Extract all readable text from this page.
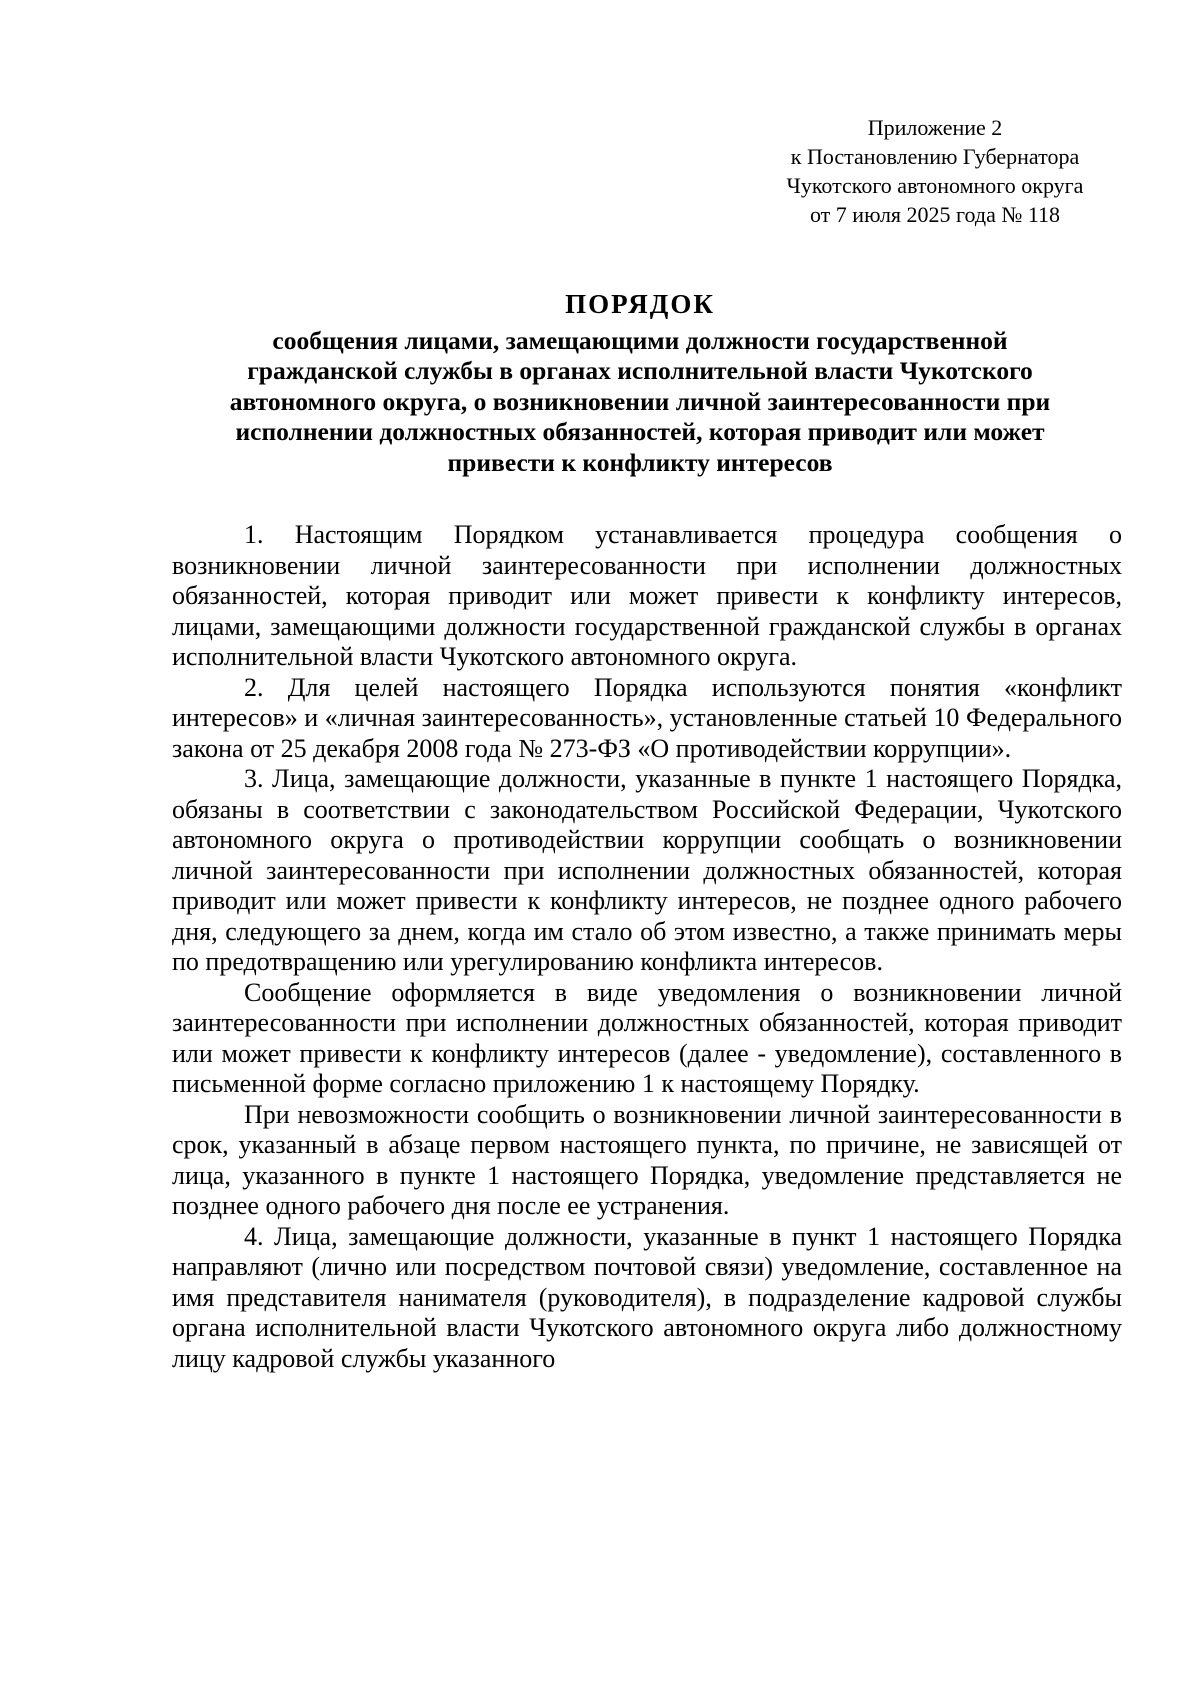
Приложение 2
к Постановлению Губернатора
Чукотского автономного округа
от 7 июля 2025 года № 118
ПОРЯДОК
сообщения лицами, замещающими должности государственной
гражданской службы в органах исполнительной власти Чукотского
автономного округа, о возникновении личной заинтересованности при
исполнении должностных обязанностей, которая приводит или может
привести к конфликту интересов

1. Настоящим Порядком устанавливается процедура сообщения о возникновении личной заинтересованности при исполнении должностных обязанностей, которая приводит или может привести к конфликту интересов, лицами, замещающими должности государственной гражданской службы в органах исполнительной власти Чукотского автономного округа.

2. Для целей настоящего Порядка используются понятия «конфликт интересов» и «личная заинтересованность», установленные статьей 10 Федерального закона от 25 декабря 2008 года № 273-ФЗ «О противодействии коррупции».

3. Лица, замещающие должности, указанные в пункте 1 настоящего Порядка, обязаны в соответствии с законодательством Российской Федерации, Чукотского автономного округа о противодействии коррупции сообщать о возникновении личной заинтересованности при исполнении должностных обязанностей, которая приводит или может привести к конфликту интересов, не позднее одного рабочего дня, следующего за днем, когда им стало об этом известно, а также принимать меры по предотвращению или урегулированию конфликта интересов.

Сообщение оформляется в виде уведомления о возникновении личной заинтересованности при исполнении должностных обязанностей, которая приводит или может привести к конфликту интересов (далее - уведомление), составленного в письменной форме согласно приложению 1 к настоящему Порядку.

При невозможности сообщить о возникновении личной заинтересованности в срок, указанный в абзаце первом настоящего пункта, по причине, не зависящей от лица, указанного в пункте 1 настоящего Порядка, уведомление представляется не позднее одного рабочего дня после ее устранения.

4. Лица, замещающие должности, указанные в пункт 1 настоящего Порядка направляют (лично или посредством почтовой связи) уведомление, составленное на имя представителя нанимателя (руководителя), в подразделение кадровой службы органа исполнительной власти Чукотского автономного округа либо должностному лицу кадровой службы указанного
